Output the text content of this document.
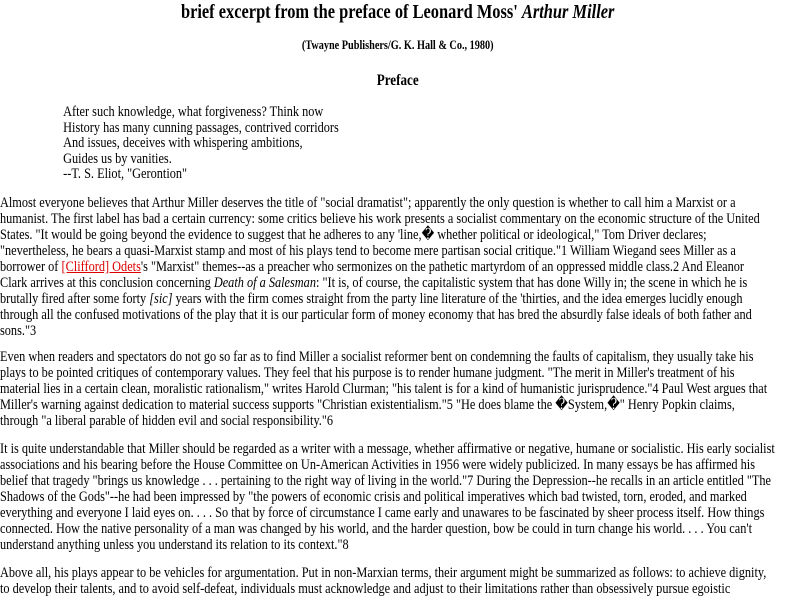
brief excerpt from the preface of Leonard Moss' Arthur Miller
(Twayne Publishers/G. K. Hall & Co., 1980)
Preface
After such knowledge, what forgiveness? Think now
History has many cunning passages, contrived corridors
And issues, deceives with whispering ambitions,
Guides us by vanities.
--T. S. Eliot, "Gerontion"
Almost everyone believes that Arthur Miller deserves the title of "social dramatist"; apparently the only question is whether to call him a Marxist or a
humanist. The first label has bad a certain currency: some critics believe his work presents a socialist commentary on the economic structure of the United
States. "It would be going beyond the evidence to suggest that he adheres to any 'line,� whether political or ideological," Tom Driver declares;
"nevertheless, he bears a quasi-Marxist stamp and most of his plays tend to become mere partisan social critique."1 William Wiegand sees Miller as a
borrower of [Clifford] Odets's "Marxist" themes--as a preacher who sermonizes on the pathetic martyrdom of an oppressed middle class.2 And Eleanor
Clark arrives at this conclusion concerning Death of a Salesman: "It is, of course, the capitalistic system that has done Willy in; the scene in which he is
brutally fired after some forty [sic] years with the firm comes straight from the party line literature of the 'thirties, and the idea emerges lucidly enough
through all the confused motivations of the play that it is our particular form of money economy that has bred the absurdly false ideals of both father and
sons."3
Even when readers and spectators do not go so far as to find Miller a socialist reformer bent on condemning the faults of capitalism, they usually take his
plays to be pointed critiques of contemporary values. They feel that his purpose is to render humane judgment. "The merit in Miller's treatment of his
material lies in a certain clean, moralistic rationalism," writes Harold Clurman; "his talent is for a kind of humanistic jurisprudence."4 Paul West argues that
Miller's warning against dedication to material success supports "Christian existentialism."5 "He does blame the �System,�" Henry Popkin claims,
through "a liberal parable of hidden evil and social responsibility."6
It is quite understandable that Miller should be regarded as a writer with a message, whether affirmative or negative, humane or socialistic. His early socialist
associations and his bearing before the House Committee on Un-American Activities in 1956 were widely publicized. In many essays be has affirmed his
belief that tragedy "brings us knowledge . . . pertaining to the right way of living in the world."7 During the Depression--he recalls in an article entitled "The
Shadows of the Gods"--he had been impressed by "the powers of economic crisis and political imperatives which bad twisted, torn, eroded, and marked
everything and everyone I laid eyes on. . . . So that by force of circumstance I came early and unawares to be fascinated by sheer process itself. How things
connected. How the native personality of a man was changed by his world, and the harder question, bow be could in turn change his world. . . . You can't
understand anything unless you understand its relation to its context."8
Above all, his plays appear to be vehicles for argumentation. Put in non-Marxian terms, their argument might be summarized as follows: to achieve dignity,
to develop their talents, and to avoid self-defeat, individuals must acknowledge and adjust to their limitations rather than obsessively pursue egoistic
